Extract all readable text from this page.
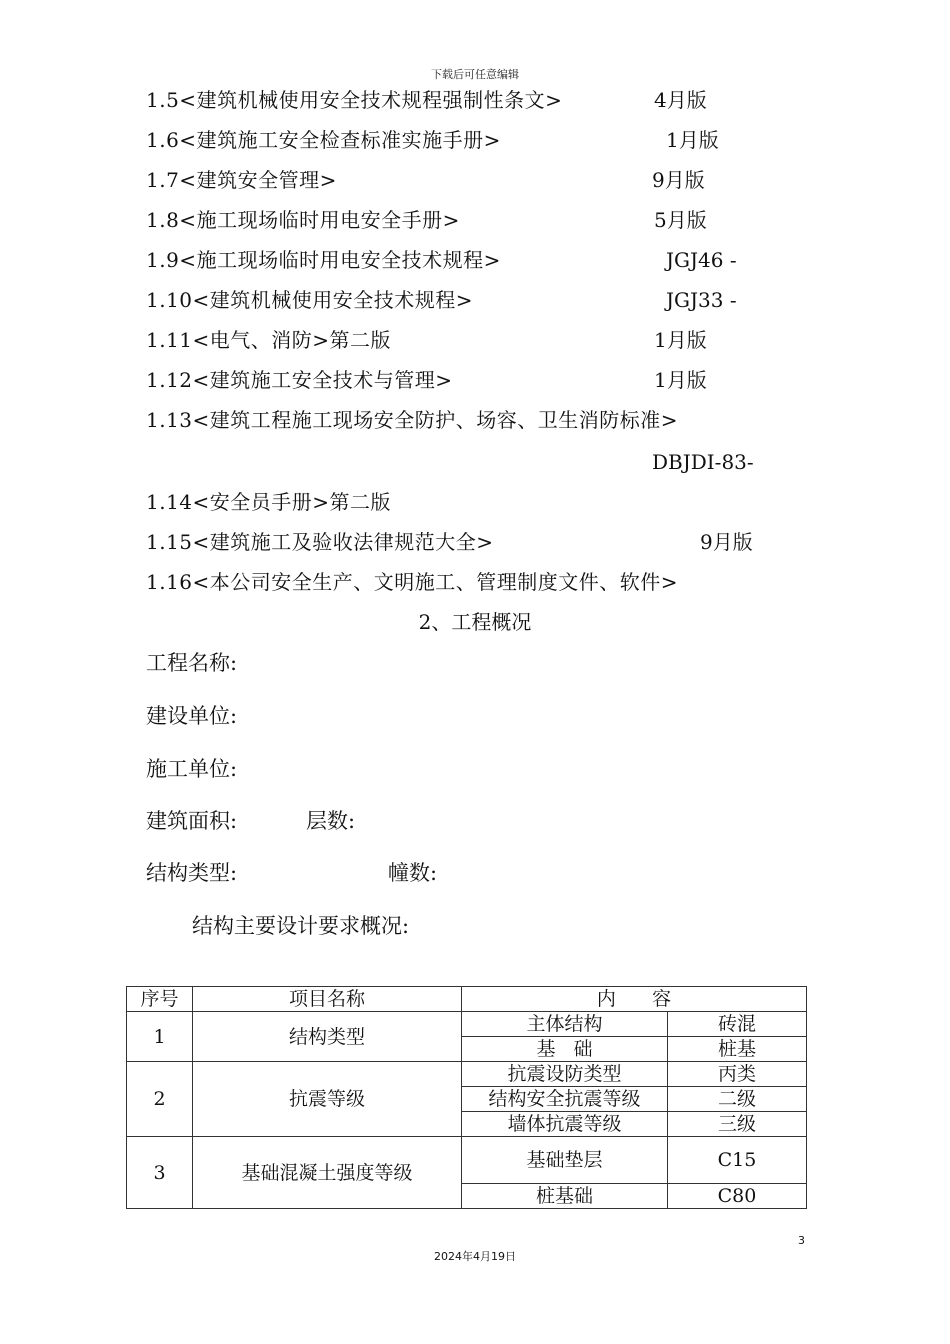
下载后可任意编辑
1.5<建筑机械使用安全技术规程强制性条文>	4月版
1.6<建筑施工安全检查标准实施手册>	1月版
1.7<建筑安全管理>	9月版
1.8<施工现场临时用电安全手册>	5月版
1.9<施工现场临时用电安全技术规程>	JGJ46 -
1.10<建筑机械使用安全技术规程>	JGJ33 -
1.11<电气、消防>第二版	1月版
1.12<建筑施工安全技术与管理>	1月版
1.13<建筑工程施工现场安全防护、场容、卫生消防标准>
DBJDI-83-
1.14<安全员手册>第二版
1.15<建筑施工及验收法律规范大全>	9月版
1.16<本公司安全生产、文明施工、管理制度文件、软件>
2、工程概况
工程名称:
建设单位:
施工单位:
建筑面积:	层数:
结构类型:	幢数:
结构主要设计要求概况:
序号	项目名称	内      容	
1	结构类型	主体结构	砖混
		基   础	桩基
2	抗震等级	抗震设防类型	丙类
		结构安全抗震等级	二级
		墙体抗震等级	三级
3	基础混凝土强度等级	基础垫层	C15
		桩基础	C80
3
2024年4月19日
